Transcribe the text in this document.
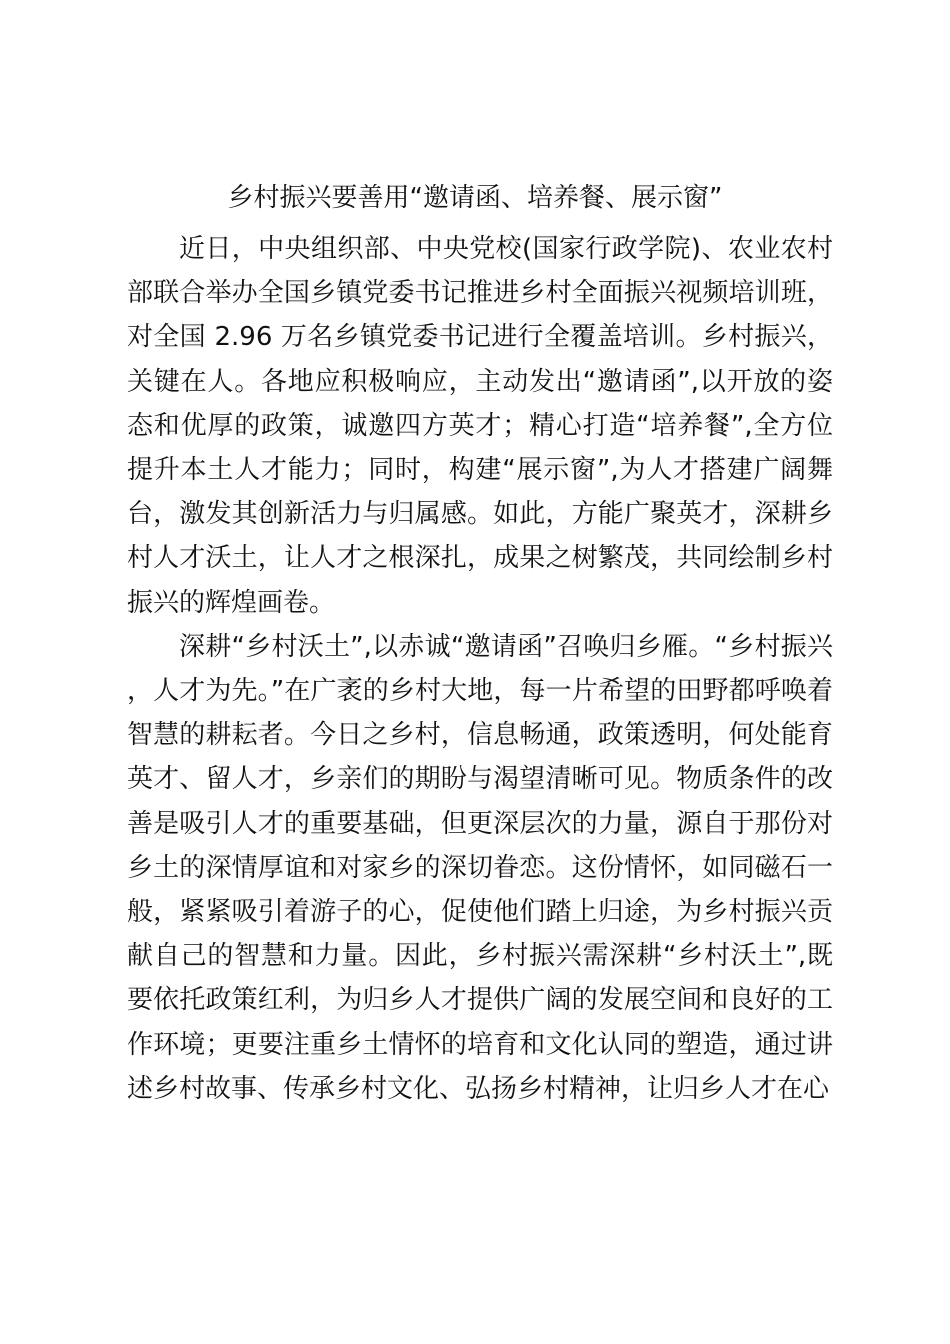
乡村振兴要善用“邀请函、培养餐、展示窗”

近日，中央组织部、中央党校(国家行政学院)、农业农村部联合举办全国乡镇党委书记推进乡村全面振兴视频培训班，对全国 2.96 万名乡镇党委书记进行全覆盖培训。乡村振兴，关键在人。各地应积极响应，主动发出“邀请函”,以开放的姿态和优厚的政策，诚邀四方英才；精心打造“培养餐”,全方位提升本土人才能力；同时，构建“展示窗”,为人才搭建广阔舞台，激发其创新活力与归属感。如此，方能广聚英才，深耕乡村人才沃土，让人才之根深扎，成果之树繁茂，共同绘制乡村振兴的辉煌画卷。

深耕“乡村沃土”,以赤诚“邀请函”召唤归乡雁。“乡村振兴，人才为先。”在广袤的乡村大地，每一片希望的田野都呼唤着智慧的耕耘者。今日之乡村，信息畅通，政策透明，何处能育英才、留人才，乡亲们的期盼与渴望清晰可见。物质条件的改善是吸引人才的重要基础，但更深层次的力量，源自于那份对乡土的深情厚谊和对家乡的深切眷恋。这份情怀，如同磁石一般，紧紧吸引着游子的心，促使他们踏上归途，为乡村振兴贡献自己的智慧和力量。因此，乡村振兴需深耕“乡村沃土”,既要依托政策红利，为归乡人才提供广阔的发展空间和良好的工作环境；更要注重乡土情怀的培育和文化认同的塑造，通过讲述乡村故事、传承乡村文化、弘扬乡村精神，让归乡人才在心
